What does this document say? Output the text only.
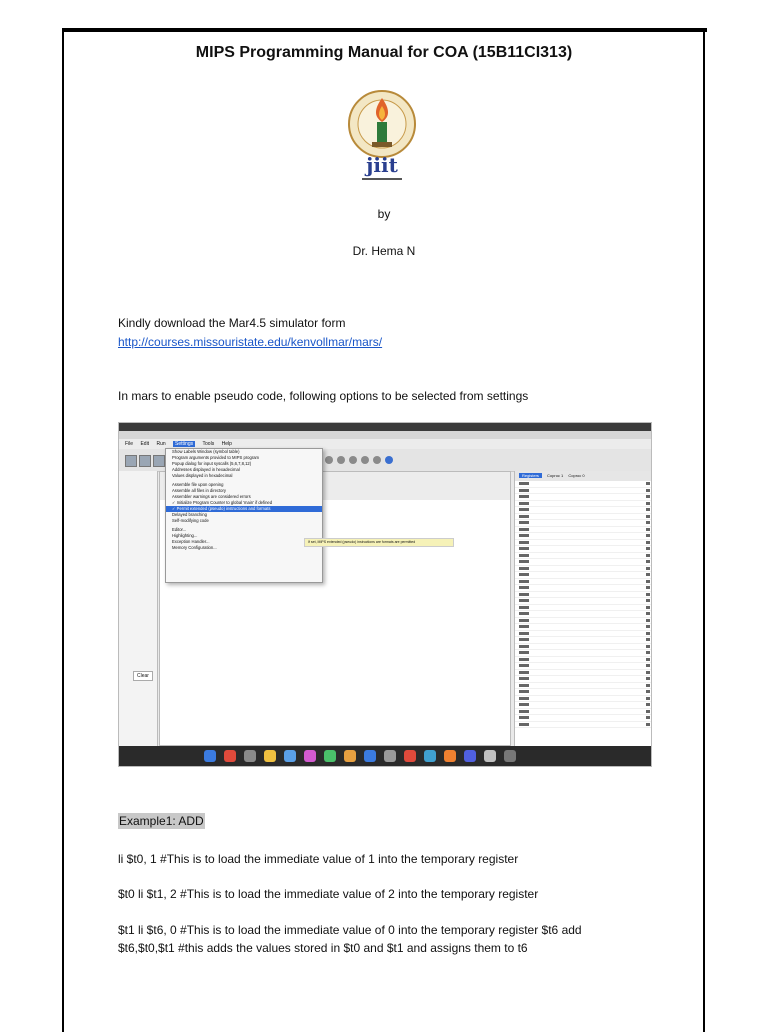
MIPS Programming Manual for COA (15B11CI313)
jiit
by
Dr. Hema N
Kindly download the Mar4.5 simulator form
http://courses.missouristate.edu/kenvollmar/mars/
In mars to enable pseudo code, following options to be selected from settings
File Edit Run Settings Tools Help
Clear
Registers Coproc 1 Coproc 0
Show Labels Window (symbol table)
Program arguments provided to MIPS program
Popup dialog for input syscalls (5,6,7,8,12)
Addresses displayed in hexadecimal
Values displayed in hexadecimal
Assemble file upon opening
Assemble all files in directory
Assembler warnings are considered errors
✓ Initialize Program Counter to global 'main' if defined
✓ Permit extended (pseudo) instructions and formats
Delayed branching
Self-modifying code
Editor...
Highlighting...
Exception Handler...
Memory Configuration...
If set, MIPS extended (pseudo) instructions are formats are permitted
Example1: ADD
li $t0, 1 #This is to load the immediate value of 1 into the temporary register
$t0 li $t1, 2 #This is to load the immediate value of 2 into the temporary register
$t1 li $t6, 0 #This is to load the immediate value of 0 into the temporary register $t6 add
$t6,$t0,$t1 #this adds the values stored in $t0 and $t1 and assigns them to t6
